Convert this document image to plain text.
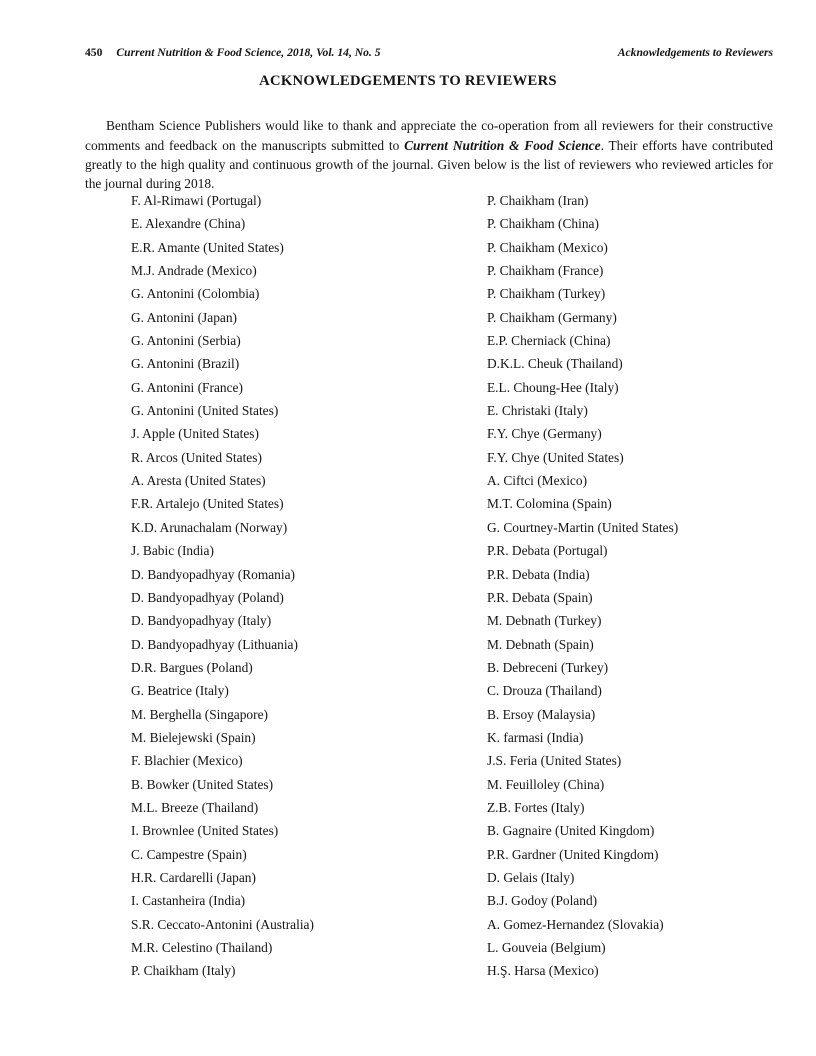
450 Current Nutrition & Food Science, 2018, Vol. 14, No. 5	Acknowledgements to Reviewers
ACKNOWLEDGEMENTS TO REVIEWERS

Bentham Science Publishers would like to thank and appreciate the co-operation from all reviewers for their constructive comments and feedback on the manuscripts submitted to Current Nutrition & Food Science. Their efforts have contributed greatly to the high quality and continuous growth of the journal. Given below is the list of reviewers who reviewed articles for the journal during 2018.

F. Al-Rimawi (Portugal)
E. Alexandre (China)
E.R. Amante (United States)
M.J. Andrade (Mexico)
G. Antonini (Colombia)
G. Antonini (Japan)
G. Antonini (Serbia)
G. Antonini (Brazil)
G. Antonini (France)
G. Antonini (United States)
J. Apple (United States)
R. Arcos (United States)
A. Aresta (United States)
F.R. Artalejo (United States)
K.D. Arunachalam (Norway)
J. Babic (India)
D. Bandyopadhyay (Romania)
D. Bandyopadhyay (Poland)
D. Bandyopadhyay (Italy)
D. Bandyopadhyay (Lithuania)
D.R. Bargues (Poland)
G. Beatrice (Italy)
M. Berghella (Singapore)
M. Bielejewski (Spain)
F. Blachier (Mexico)
B. Bowker (United States)
M.L. Breeze (Thailand)
I. Brownlee (United States)
C. Campestre (Spain)
H.R. Cardarelli (Japan)
I. Castanheira (India)
S.R. Ceccato-Antonini (Australia)
M.R. Celestino (Thailand)
P. Chaikham (Italy)
P. Chaikham (Iran)
P. Chaikham (China)
P. Chaikham (Mexico)
P. Chaikham (France)
P. Chaikham (Turkey)
P. Chaikham (Germany)
E.P. Cherniack (China)
D.K.L. Cheuk (Thailand)
E.L. Choung-Hee (Italy)
E. Christaki (Italy)
F.Y. Chye (Germany)
F.Y. Chye (United States)
A. Ciftci (Mexico)
M.T. Colomina (Spain)
G. Courtney-Martin (United States)
P.R. Debata (Portugal)
P.R. Debata (India)
P.R. Debata (Spain)
M. Debnath (Turkey)
M. Debnath (Spain)
B. Debreceni (Turkey)
C. Drouza (Thailand)
B. Ersoy (Malaysia)
K. farmasi (India)
J.S. Feria (United States)
M. Feuilloley (China)
Z.B. Fortes (Italy)
B. Gagnaire (United Kingdom)
P.R. Gardner (United Kingdom)
D. Gelais (Italy)
B.J. Godoy (Poland)
A. Gomez-Hernandez (Slovakia)
L. Gouveia (Belgium)
H.Ş. Harsa (Mexico)
